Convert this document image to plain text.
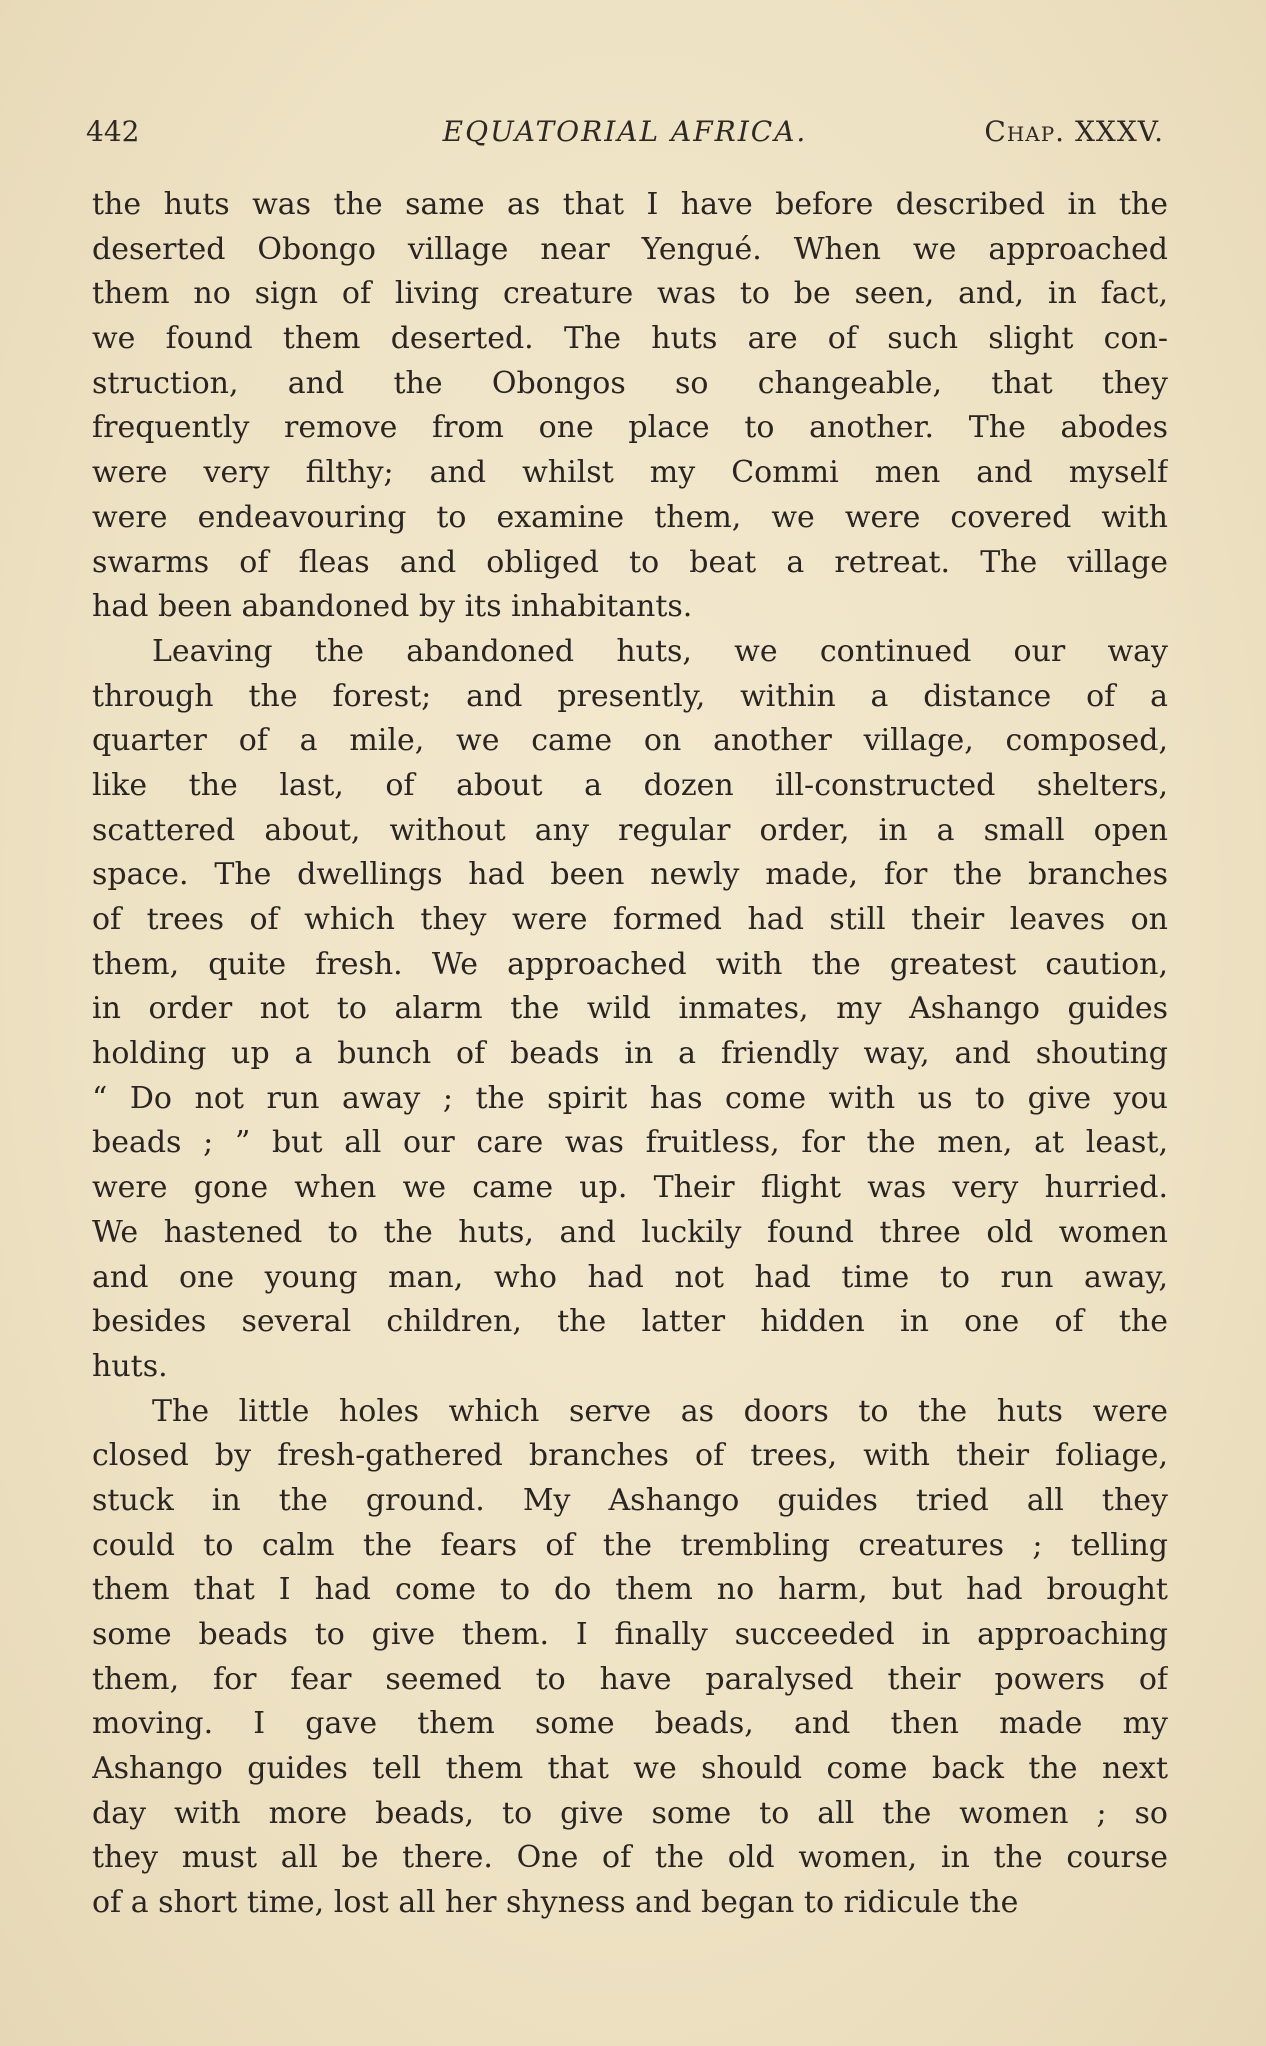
442	EQUATORIAL AFRICA.	Chap. XXXV.
the huts was the same as that I have before described in the
deserted Obongo village near Yengué. When we approached
them no sign of living creature was to be seen, and, in fact,
we found them deserted. The huts are of such slight con-
struction, and the Obongos so changeable, that they
frequently remove from one place to another. The abodes
were very filthy; and whilst my Commi men and myself
were endeavouring to examine them, we were covered with
swarms of fleas and obliged to beat a retreat. The village
had been abandoned by its inhabitants.
Leaving the abandoned huts, we continued our way
through the forest; and presently, within a distance of a
quarter of a mile, we came on another village, composed,
like the last, of about a dozen ill-constructed shelters,
scattered about, without any regular order, in a small open
space. The dwellings had been newly made, for the branches
of trees of which they were formed had still their leaves on
them, quite fresh. We approached with the greatest caution,
in order not to alarm the wild inmates, my Ashango guides
holding up a bunch of beads in a friendly way, and shouting
“ Do not run away ; the spirit has come with us to give you
beads ; ” but all our care was fruitless, for the men, at least,
were gone when we came up. Their flight was very hurried.
We hastened to the huts, and luckily found three old women
and one young man, who had not had time to run away,
besides several children, the latter hidden in one of the
huts.
The little holes which serve as doors to the huts were
closed by fresh-gathered branches of trees, with their foliage,
stuck in the ground. My Ashango guides tried all they
could to calm the fears of the trembling creatures ; telling
them that I had come to do them no harm, but had brought
some beads to give them. I finally succeeded in approaching
them, for fear seemed to have paralysed their powers of
moving. I gave them some beads, and then made my
Ashango guides tell them that we should come back the next
day with more beads, to give some to all the women ; so
they must all be there. One of the old women, in the course
of a short time, lost all her shyness and began to ridicule the
